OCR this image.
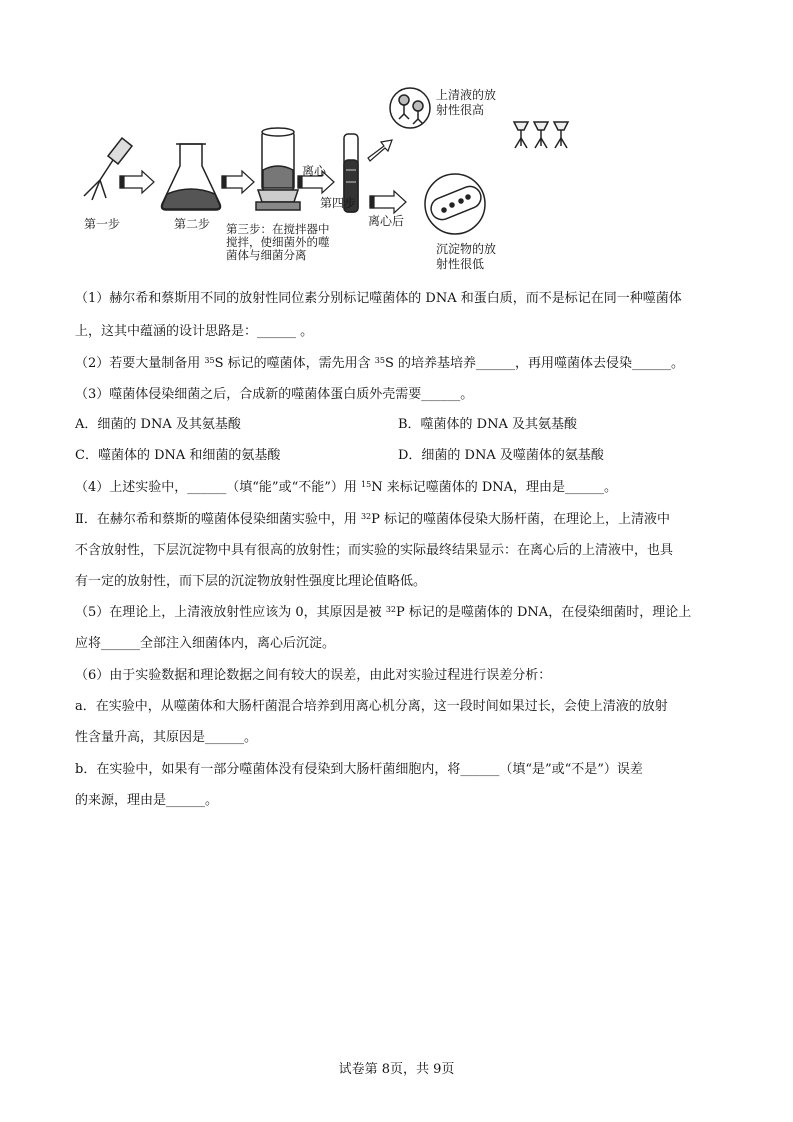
第一步	第二步 第三步：在搅拌器中
搅拌，使细菌外的噬
菌体与细菌分离
离心
第四步
离心后
上清液的放
射性很高
沉淀物的放
射性很低
（1）赫尔希和蔡斯用不同的放射性同位素分别标记噬菌体的 DNA 和蛋白质，而不是标记在同一种噬菌体
上，这其中蕴涵的设计思路是：______ 。
（2）若要大量制备用 $^{35}$S 标记的噬菌体，需先用含 $^{35}$S 的培养基培养______，再用噬菌体去侵染______。
（3）噬菌体侵染细菌之后，合成新的噬菌体蛋白质外壳需要______。
A．细菌的 DNA 及其氨基酸	B．噬菌体的 DNA 及其氨基酸
C．噬菌体的 DNA 和细菌的氨基酸	D．细菌的 DNA 及噬菌体的氨基酸
（4）上述实验中，______（填“能”或“不能”）用 $^{15}$N 来标记噬菌体的 DNA，理由是______。
Ⅱ．在赫尔希和蔡斯的噬菌体侵染细菌实验中，用 $^{32}$P 标记的噬菌体侵染大肠杆菌，在理论上，上清液中
不含放射性，下层沉淀物中具有很高的放射性；而实验的实际最终结果显示：在离心后的上清液中，也具
有一定的放射性，而下层的沉淀物放射性强度比理论值略低。
（5）在理论上，上清液放射性应该为 0，其原因是被 $^{32}$P 标记的是噬菌体的 DNA，在侵染细菌时，理论上
应将______全部注入细菌体内，离心后沉淀。
（6）由于实验数据和理论数据之间有较大的误差，由此对实验过程进行误差分析：
a．在实验中，从噬菌体和大肠杆菌混合培养到用离心机分离，这一段时间如果过长，会使上清液的放射
性含量升高，其原因是______。
b．在实验中，如果有一部分噬菌体没有侵染到大肠杆菌细胞内，将______（填“是”或“不是”）误差
的来源，理由是______。
试卷第 8页，共 9页
